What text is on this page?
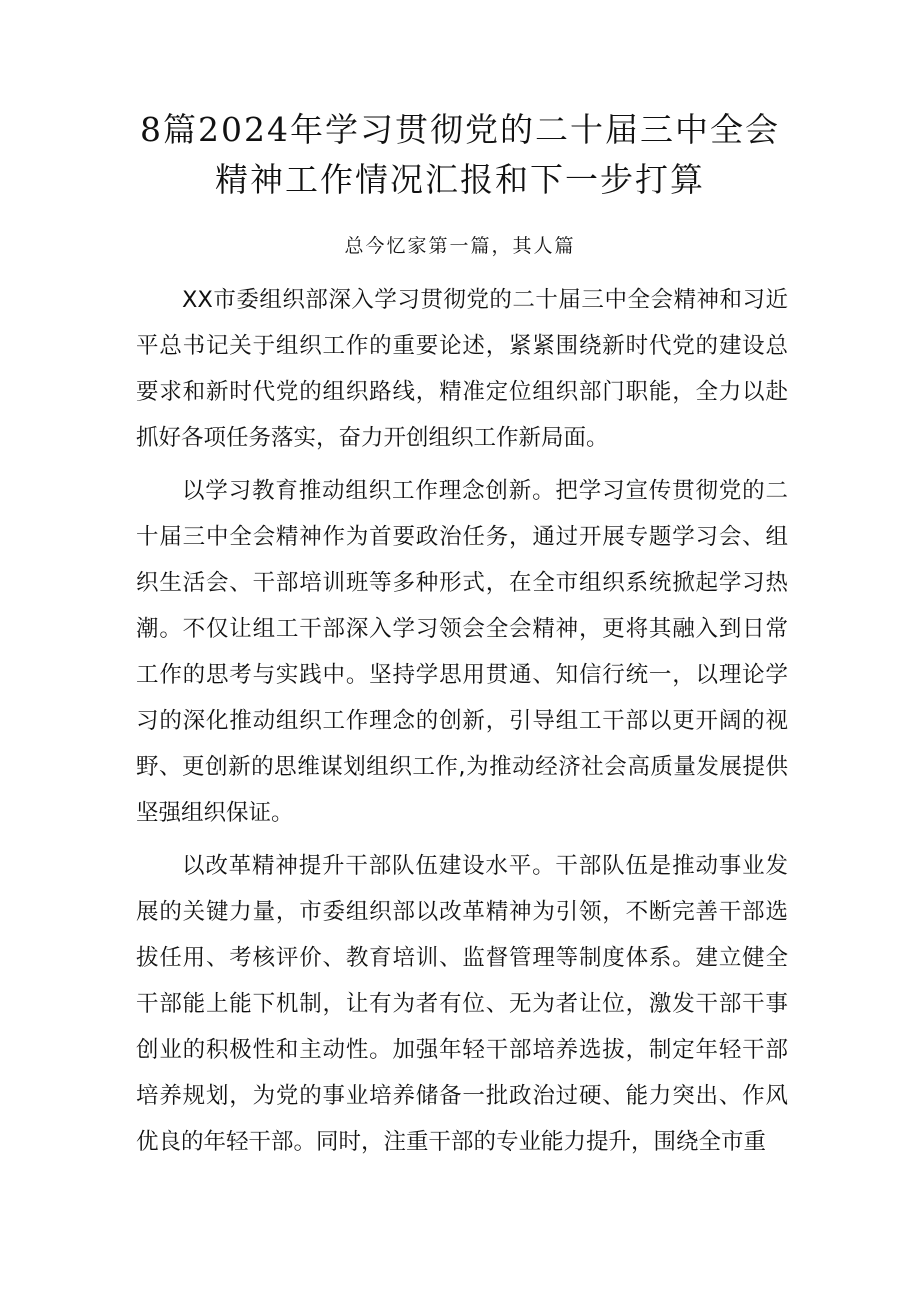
8篇2024年学习贯彻党的二十届三中全会
精神工作情况汇报和下一步打算
总今忆家第一篇，其人篇

XX市委组织部深入学习贯彻党的二十届三中全会精神和习近平总书记关于组织工作的重要论述，紧紧围绕新时代党的建设总要求和新时代党的组织路线，精准定位组织部门职能，全力以赴抓好各项任务落实，奋力开创组织工作新局面。

以学习教育推动组织工作理念创新。把学习宣传贯彻党的二十届三中全会精神作为首要政治任务，通过开展专题学习会、组织生活会、干部培训班等多种形式，在全市组织系统掀起学习热潮。不仅让组工干部深入学习领会全会精神，更将其融入到日常工作的思考与实践中。坚持学思用贯通、知信行统一，以理论学习的深化推动组织工作理念的创新，引导组工干部以更开阔的视野、更创新的思维谋划组织工作,为推动经济社会高质量发展提供坚强组织保证。

以改革精神提升干部队伍建设水平。干部队伍是推动事业发展的关键力量，市委组织部以改革精神为引领，不断完善干部选拔任用、考核评价、教育培训、监督管理等制度体系。建立健全干部能上能下机制，让有为者有位、无为者让位，激发干部干事创业的积极性和主动性。加强年轻干部培养选拔，制定年轻干部培养规划，为党的事业培养储备一批政治过硬、能力突出、作风优良的年轻干部。同时，注重干部的专业能力提升，围绕全市重
